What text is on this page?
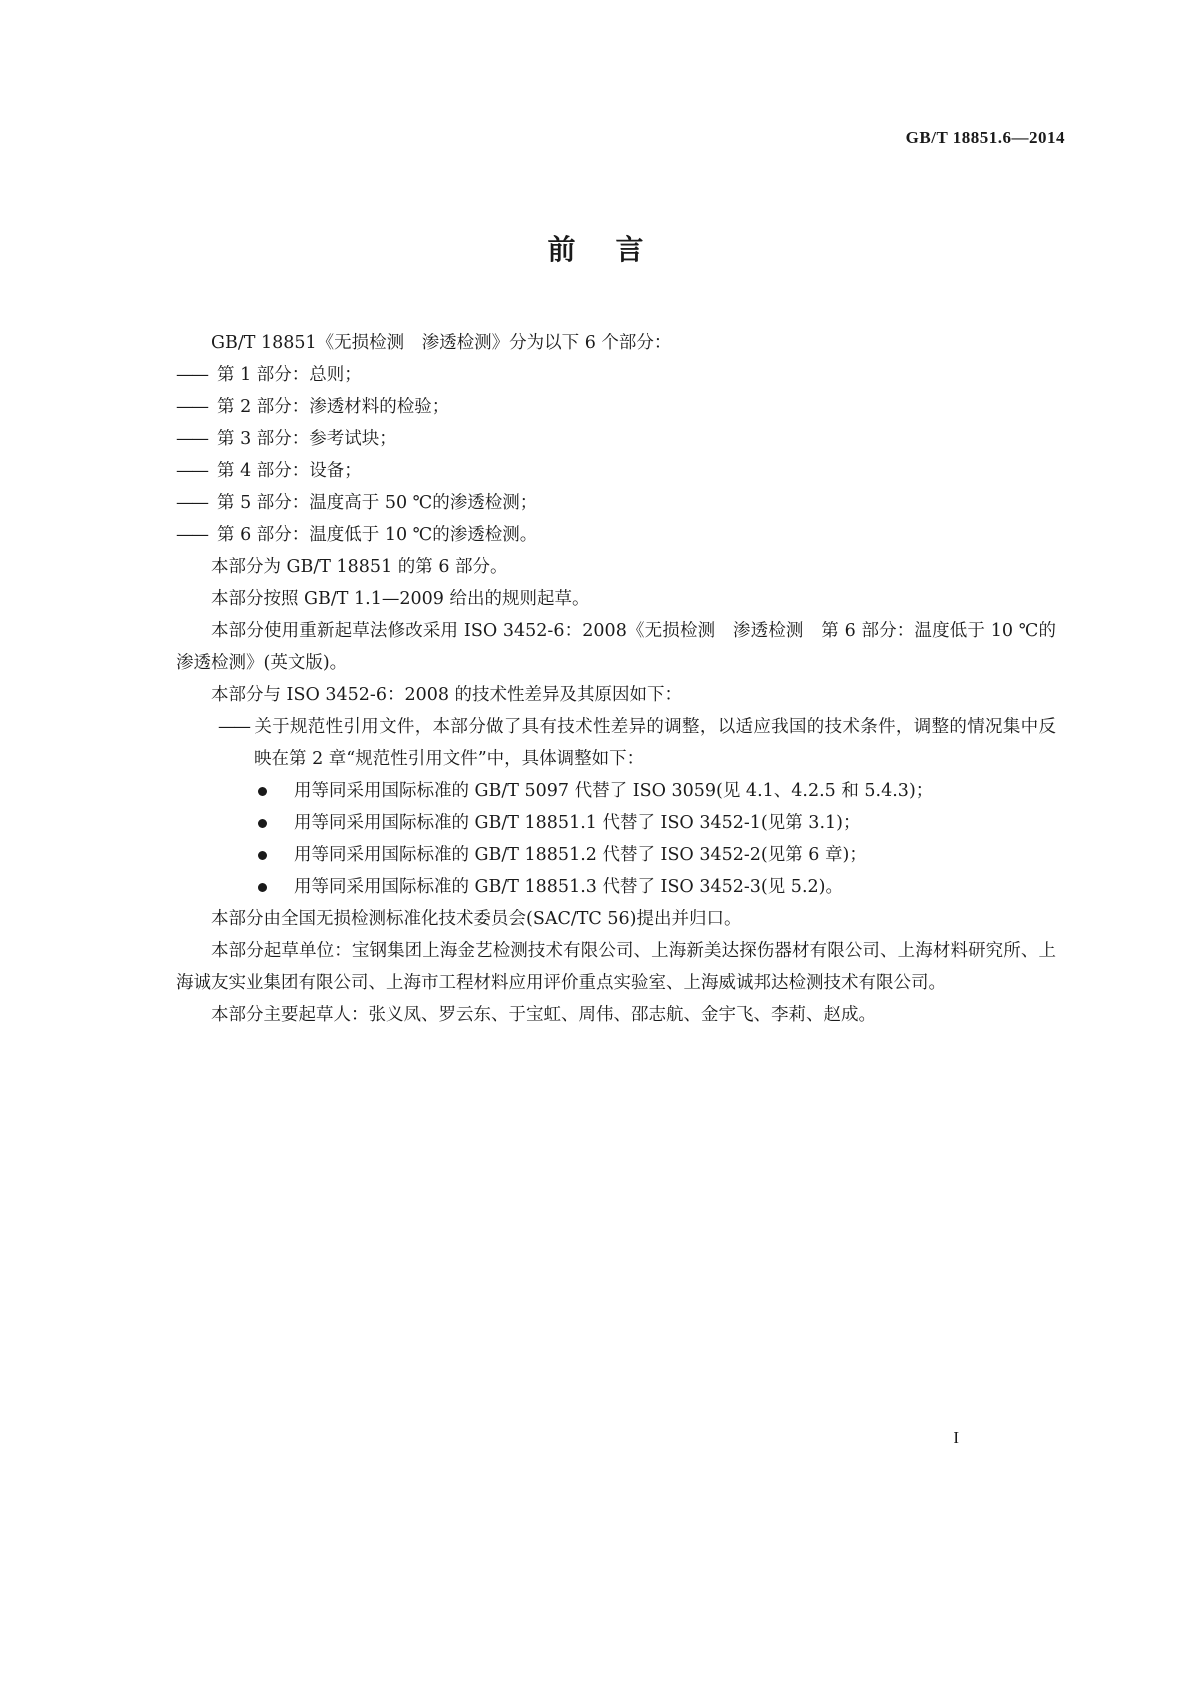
GB/T 18851.6—2014
前言

GB/T 18851《无损检测　渗透检测》分为以下 6 个部分：

—— 第 1 部分：总则；

—— 第 2 部分：渗透材料的检验；

—— 第 3 部分：参考试块；

—— 第 4 部分：设备；

—— 第 5 部分：温度高于 50 ℃的渗透检测；

—— 第 6 部分：温度低于 10 ℃的渗透检测。

本部分为 GB/T 18851 的第 6 部分。

本部分按照 GB/T 1.1—2009 给出的规则起草。

本部分使用重新起草法修改采用 ISO 3452-6：2008《无损检测　渗透检测　第 6 部分：温度低于 10 ℃的渗透检测》(英文版)。

本部分与 ISO 3452-6：2008 的技术性差异及其原因如下：

—— 关于规范性引用文件，本部分做了具有技术性差异的调整，以适应我国的技术条件，调整的情况集中反映在第 2 章“规范性引用文件”中，具体调整如下：

用等同采用国际标准的 GB/T 5097 代替了 ISO 3059(见 4.1、4.2.5 和 5.4.3)；

用等同采用国际标准的 GB/T 18851.1 代替了 ISO 3452-1(见第 3.1)；

用等同采用国际标准的 GB/T 18851.2 代替了 ISO 3452-2(见第 6 章)；

用等同采用国际标准的 GB/T 18851.3 代替了 ISO 3452-3(见 5.2)。

本部分由全国无损检测标准化技术委员会(SAC/TC 56)提出并归口。

本部分起草单位：宝钢集团上海金艺检测技术有限公司、上海新美达探伤器材有限公司、上海材料研究所、上海诚友实业集团有限公司、上海市工程材料应用评价重点实验室、上海威诚邦达检测技术有限公司。

本部分主要起草人：张义凤、罗云东、于宝虹、周伟、邵志航、金宇飞、李莉、赵成。

I
